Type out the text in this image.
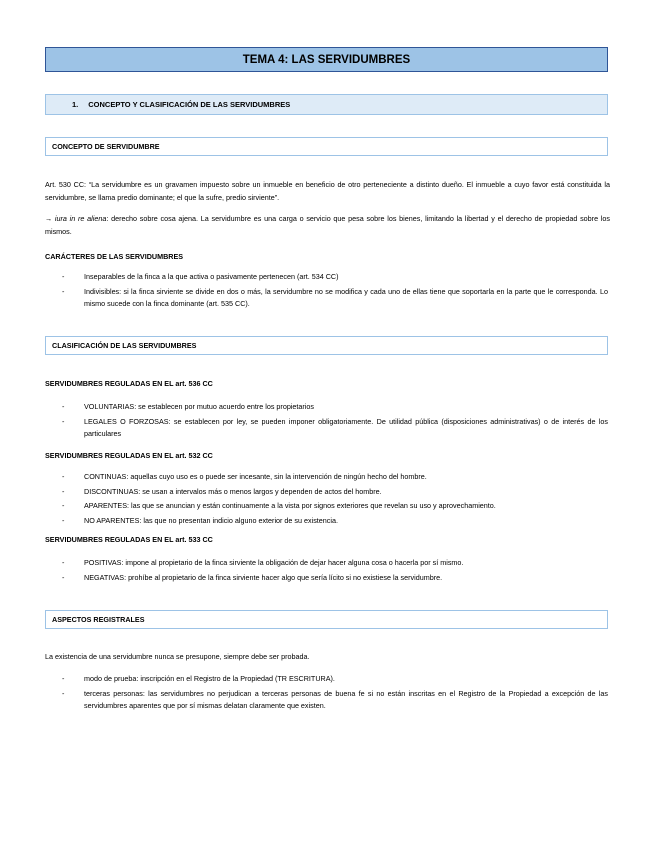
TEMA 4: LAS SERVIDUMBRES
1. CONCEPTO Y CLASIFICACIÓN DE LAS SERVIDUMBRES
CONCEPTO DE SERVIDUMBRE
Art. 530 CC: “La servidumbre es un gravamen impuesto sobre un inmueble en beneficio de otro perteneciente a distinto dueño. El inmueble a cuyo favor está constituida la servidumbre, se llama predio dominante; el que la sufre, predio sirviente”.
→ iura in re aliena: derecho sobre cosa ajena. La servidumbre es una carga o servicio que pesa sobre los bienes, limitando la libertad y el derecho de propiedad sobre los mismos.
CARÁCTERES DE LAS SERVIDUMBRES
- Inseparables de la finca a la que activa o pasivamente pertenecen (art. 534 CC)
- Indivisibles: si la finca sirviente se divide en dos o más, la servidumbre no se modifica y cada uno de ellas tiene que soportarla en la parte que le corresponda. Lo mismo sucede con la finca dominante (art. 535 CC).
CLASIFICACIÓN DE LAS SERVIDUMBRES
SERVIDUMBRES REGULADAS EN EL art. 536 CC
- VOLUNTARIAS: se establecen por mutuo acuerdo entre los propietarios
- LEGALES O FORZOSAS: se establecen por ley, se pueden imponer obligatoriamente. De utilidad pública (disposiciones administrativas) o de interés de los particulares
SERVIDUMBRES REGULADAS EN EL art. 532 CC
- CONTINUAS: aquellas cuyo uso es o puede ser incesante, sin la intervención de ningún hecho del hombre.
- DISCONTINUAS: se usan a intervalos más o menos largos y dependen de actos del hombre.
- APARENTES: las que se anuncian y están continuamente a la vista por signos exteriores que revelan su uso y aprovechamiento.
- NO APARENTES: las que no presentan indicio alguno exterior de su existencia.
SERVIDUMBRES REGULADAS EN EL art. 533 CC
- POSITIVAS: impone al propietario de la finca sirviente la obligación de dejar hacer alguna cosa o hacerla por sí mismo.
- NEGATIVAS: prohíbe al propietario de la finca sirviente hacer algo que sería lícito si no existiese la servidumbre.
ASPECTOS REGISTRALES
La existencia de una servidumbre nunca se presupone, siempre debe ser probada.
- modo de prueba: inscripción en el Registro de la Propiedad (TR ESCRITURA).
- terceras personas: las servidumbres no perjudican a terceras personas de buena fe si no están inscritas en el Registro de la Propiedad a excepción de las servidumbres aparentes que por sí mismas delatan claramente que existen.
